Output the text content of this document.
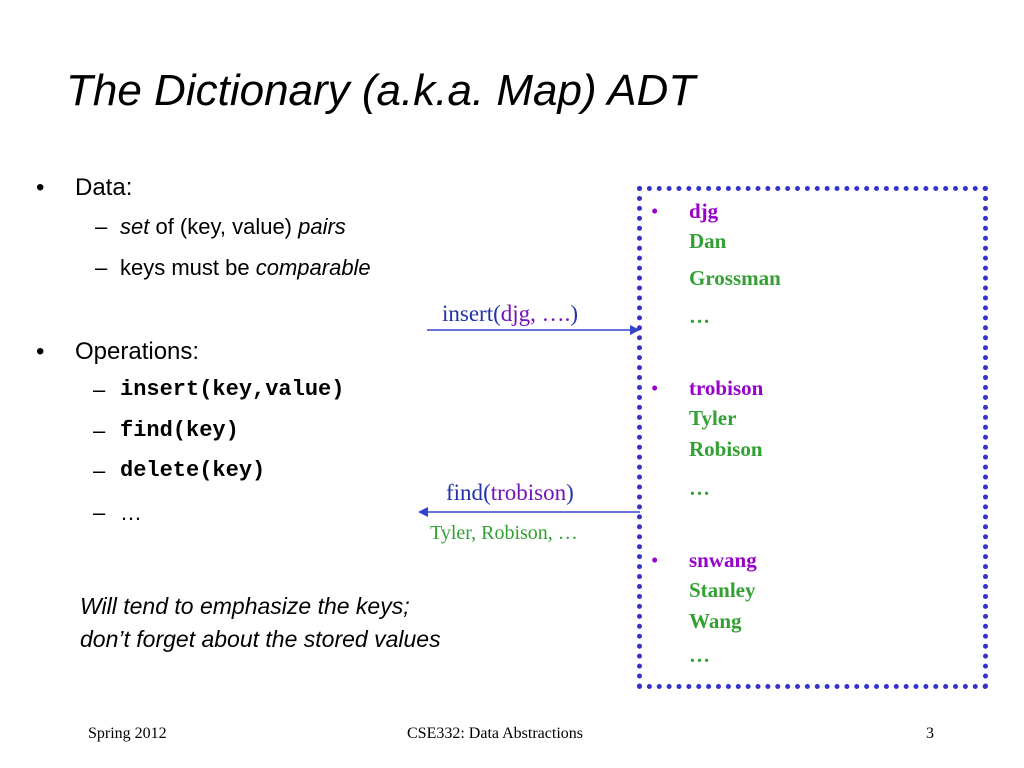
The Dictionary (a.k.a. Map) ADT
• Data:
– set of (key, value) pairs
– keys must be comparable
• Operations:
– insert(key,value)
– find(key)
– delete(key)
– …
Will tend to emphasize the keys;
don’t forget about the stored values
insert(djg, ….)
find(trobison)
Tyler, Robison, …
• djg
Dan
Grossman
…
• trobison
Tyler
Robison
…
• snwang
Stanley
Wang
…
Spring 2012	CSE332: Data Abstractions	3
